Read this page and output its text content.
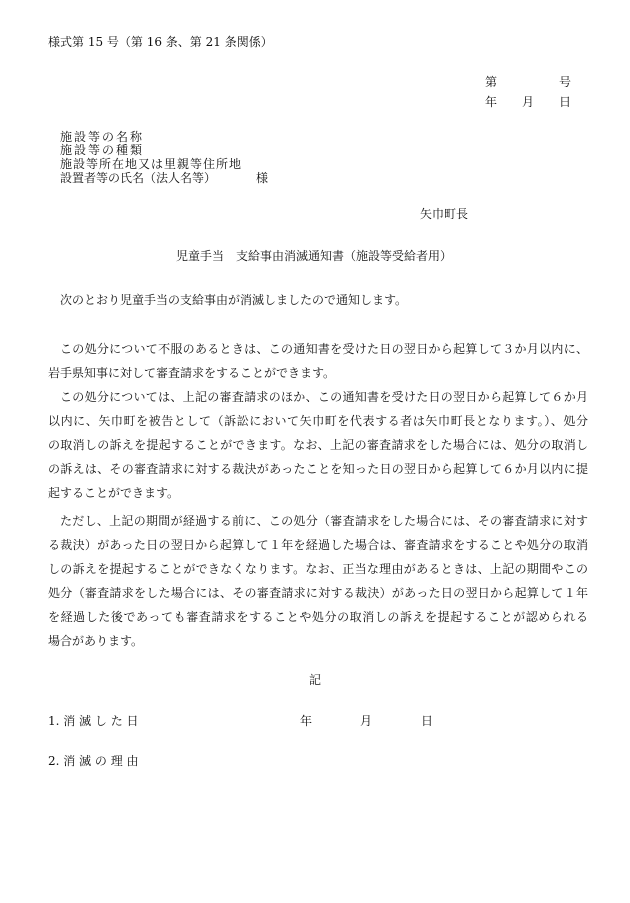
様式第 15 号（第 16 条、第 21 条関係）
第	号
年 月 日
施設等の名称
施設等の種類
施設等所在地又は里親等住所地
設置者等の氏名（法人名等）	様
矢巾町長
児童手当　支給事由消滅通知書（施設等受給者用）
次のとおり児童手当の支給事由が消滅しましたので通知します。
この処分について不服のあるときは、この通知書を受けた日の翌日から起算して３か月以内に、
岩手県知事に対して審査請求をすることができます。
この処分については、上記の審査請求のほか、この通知書を受けた日の翌日から起算して６か月
以内に、矢巾町を被告として（訴訟において矢巾町を代表する者は矢巾町長となります。）、処分
の取消しの訴えを提起することができます。なお、上記の審査請求をした場合には、処分の取消し
の訴えは、その審査請求に対する裁決があったことを知った日の翌日から起算して６か月以内に提
起することができます。
ただし、上記の期間が経過する前に、この処分（審査請求をした場合には、その審査請求に対す
る裁決）があった日の翌日から起算して１年を経過した場合は、審査請求をすることや処分の取消
しの訴えを提起することができなくなります。なお、正当な理由があるときは、上記の期間やこの
処分（審査請求をした場合には、その審査請求に対する裁決）があった日の翌日から起算して１年
を経過した後であっても審査請求をすることや処分の取消しの訴えを提起することが認められる
場合があります。
記
1. 消 滅 し た 日	年	月	日
2. 消 滅 の 理 由
